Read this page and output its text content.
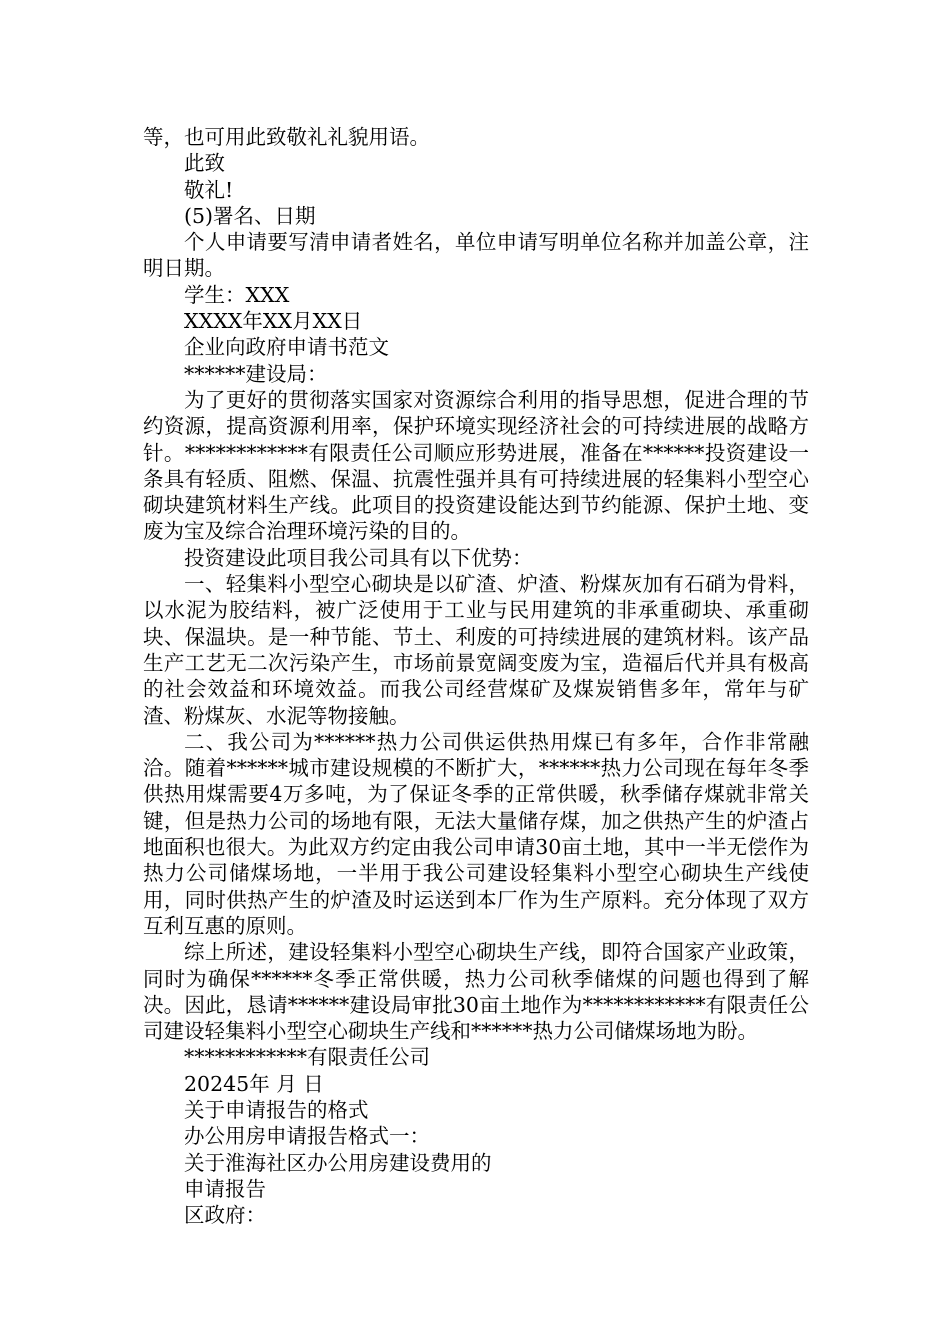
等，也可用此致敬礼礼貌用语。

此致

敬礼!

(5)署名、日期

个人申请要写清申请者姓名，单位申请写明单位名称并加盖公章，注明日期。

学生：XXX

XXXX年XX月XX日

企业向政府申请书范文

******建设局：

为了更好的贯彻落实国家对资源综合利用的指导思想，促进合理的节约资源，提高资源利用率，保护环境实现经济社会的可持续进展的战略方针。************有限责任公司顺应形势进展，准备在******投资建设一条具有轻质、阻燃、保温、抗震性强并具有可持续进展的轻集料小型空心砌块建筑材料生产线。此项目的投资建设能达到节约能源、保护土地、变废为宝及综合治理环境污染的目的。

投资建设此项目我公司具有以下优势：

一、轻集料小型空心砌块是以矿渣、炉渣、粉煤灰加有石硝为骨料， 以水泥为胶结料，被广泛使用于工业与民用建筑的非承重砌块、承重砌块、保温块。是一种节能、节土、利废的可持续进展的建筑材料。该产品生产工艺无二次污染产生，市场前景宽阔变废为宝，造福后代并具有极高的社会效益和环境效益。而我公司经营煤矿及煤炭销售多年，常年与矿渣、粉煤灰、水泥等物接触。

二、我公司为******热力公司供运供热用煤已有多年，合作非常融洽。随着******城市建设规模的不断扩大，******热力公司现在每年冬季供热用煤需要4万多吨，为了保证冬季的正常供暖，秋季储存煤就非常关键，但是热力公司的场地有限，无法大量储存煤，加之供热产生的炉渣占地面积也很大。为此双方约定由我公司申请30亩土地，其中一半无偿作为热力公司储煤场地，一半用于我公司建设轻集料小型空心砌块生产线使用，同时供热产生的炉渣及时运送到本厂作为生产原料。充分体现了双方互利互惠的原则。

综上所述，建设轻集料小型空心砌块生产线，即符合国家产业政策，同时为确保******冬季正常供暖，热力公司秋季储煤的问题也得到了解决。因此，恳请******建设局审批30亩土地作为************有限责任公司建设轻集料小型空心砌块生产线和******热力公司储煤场地为盼。

************有限责任公司

20245年 月 日

关于申请报告的格式

办公用房申请报告格式一：

关于淮海社区办公用房建设费用的

申请报告

区政府：
